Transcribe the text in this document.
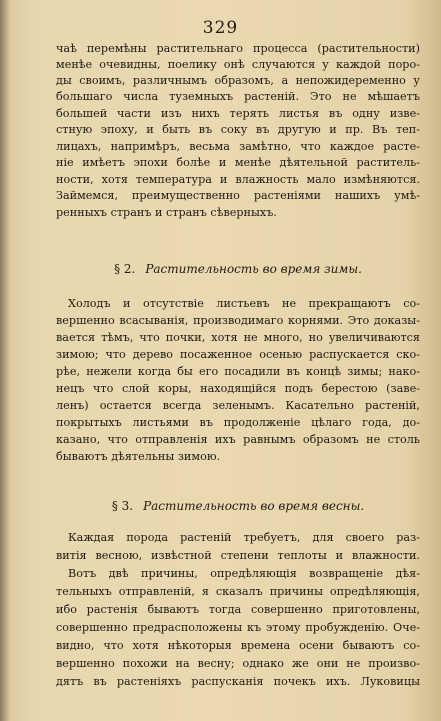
329
чаѣ перемѣны растительнаго процесса (растительности)
менѣе очевидны, поелику онѣ случаются у каждой поро-
ды своимъ, различнымъ образомъ, а непожидеременно у
большаго числа туземныхъ растеній. Это не мѣшаетъ
большей части изъ нихъ терять листья въ одну изве-
стную эпоху, и быть въ соку въ другую и пр. Въ теп-
лицахъ, напримѣръ, весьма замѣтно, что каждое расте-
ніе имѣетъ эпохи болѣе и менѣе дѣятельной раститель-
ности, хотя температура и влажность мало измѣняются.
Займемся, преимущественно растеніями нашихъ умѣ-
ренныхъ странъ и странъ сѣверныхъ.
§ 2. Растительность во время зимы.
Холодъ и отсутствіе листьевъ не прекращаютъ со-
вершенно всасыванія, производимаго корнями. Это доказы-
вается тѣмъ, что почки, хотя не много, но увеличиваются
зимою; что дерево посаженное осенью распускается ско-
рѣе, нежели когда бы его посадили въ концѣ зимы; нако-
нецъ что слой коры, находящійся подъ берестою (заве-
ленъ) остается всегда зеленымъ. Касательно растеній,
покрытыхъ листьями въ продолженіе цѣлаго года, до-
казано, что отправленія ихъ равнымъ образомъ не столь
бываютъ дѣятельны зимою.
§ 3. Растительность во время весны.
Каждая порода растеній требуетъ, для своего раз-
витія весною, извѣстной степени теплоты и влажности.
Вотъ двѣ причины, опредѣляющія возвращеніе дѣя-
тельныхъ отправленій, я сказалъ причины опредѣляющія,
ибо растенія бываютъ тогда совершенно приготовлены,
совершенно предрасположены къ этому пробужденію. Оче-
видно, что хотя нѣкоторыя времена осени бываютъ со-
вершенно похожи на весну; однако же они не произво-
дятъ въ растеніяхъ распусканія почекъ ихъ. Луковицы
